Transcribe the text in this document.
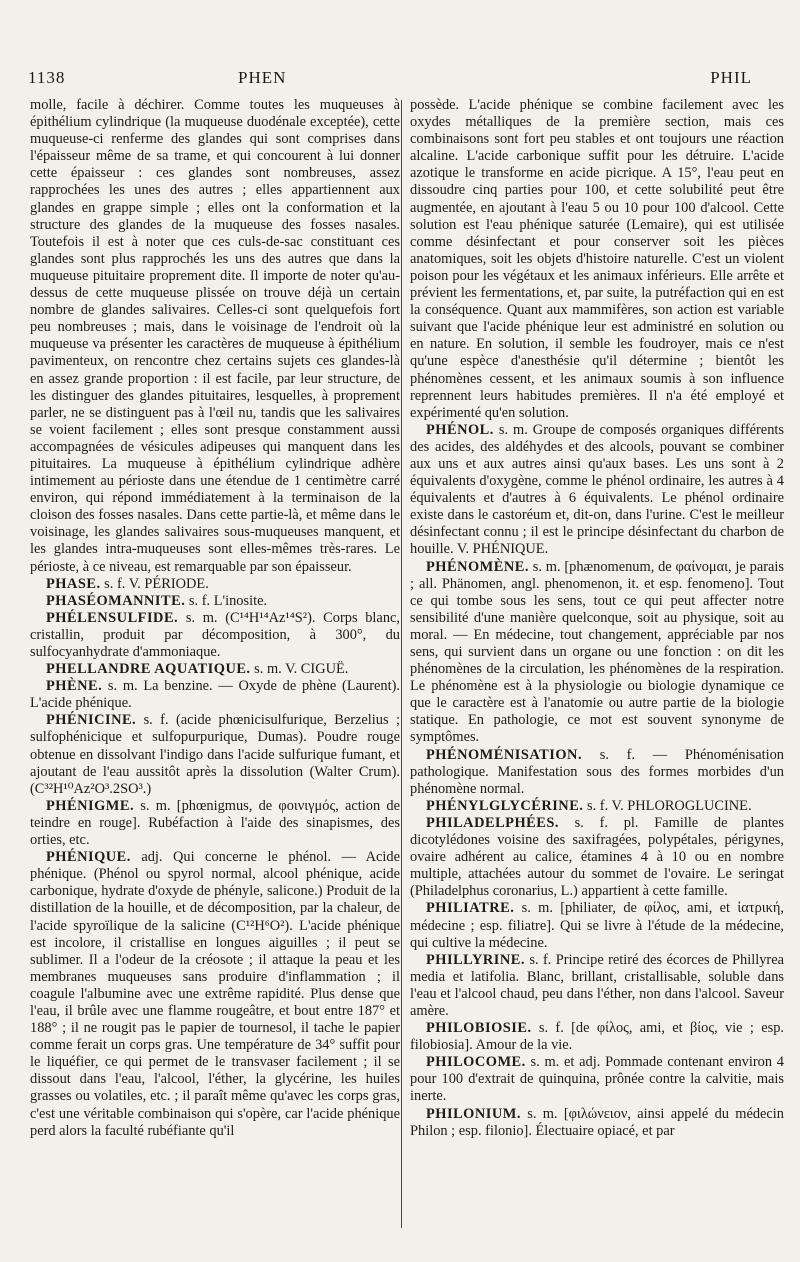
1138	PHEN	PHIL

molle, facile à déchirer. Comme toutes les muqueuses à épithélium cylindrique (la muqueuse duodénale exceptée), cette muqueuse-ci renferme des glandes qui sont comprises dans l'épaisseur même de sa trame, et qui concourent à lui donner cette épaisseur : ces glandes sont nombreuses, assez rapprochées les unes des autres ; elles appartiennent aux glandes en grappe simple ; elles ont la conformation et la structure des glandes de la muqueuse des fosses nasales. Toutefois il est à noter que ces culs-de-sac constituant ces glandes sont plus rapprochés les uns des autres que dans la muqueuse pituitaire proprement dite. Il importe de noter qu'au-dessus de cette muqueuse plissée on trouve déjà un certain nombre de glandes salivaires. Celles-ci sont quelquefois fort peu nombreuses ; mais, dans le voisinage de l'endroit où la muqueuse va présenter les caractères de muqueuse à épithélium pavimenteux, on rencontre chez certains sujets ces glandes-là en assez grande proportion : il est facile, par leur structure, de les distinguer des glandes pituitaires, lesquelles, à proprement parler, ne se distinguent pas à l'œil nu, tandis que les salivaires se voient facilement ; elles sont presque constamment aussi accompagnées de vésicules adipeuses qui manquent dans les pituitaires. La muqueuse à épithélium cylindrique adhère intimement au périoste dans une étendue de 1 centimètre carré environ, qui répond immédiatement à la terminaison de la cloison des fosses nasales. Dans cette partie-là, et même dans le voisinage, les glandes salivaires sous-muqueuses manquent, et les glandes intra-muqueuses sont elles-mêmes très-rares. Le périoste, à ce niveau, est remarquable par son épaisseur.

PHASE. s. f. V. PÉRIODE.

PHASÉOMANNITE. s. f. L'inosite.

PHÉLENSULFIDE. s. m. (C¹⁴H¹⁴Az¹⁴S²). Corps blanc, cristallin, produit par décomposition, à 300°, du sulfocyanhydrate d'ammoniaque.

PHELLANDRE AQUATIQUE. s. m. V. CIGUË.

PHÈNE. s. m. La benzine. — Oxyde de phène (Laurent). L'acide phénique.

PHÉNICINE. s. f. (acide phœnicisulfurique, Berzelius ; sulfophénicique et sulfopurpurique, Dumas). Poudre rouge obtenue en dissolvant l'indigo dans l'acide sulfurique fumant, et ajoutant de l'eau aussitôt après la dissolution (Walter Crum). (C³²H¹⁰Az²O³.2SO³.)

PHÉNIGME. s. m. [phœnigmus, de φοινιγμός, action de teindre en rouge]. Rubéfaction à l'aide des sinapismes, des orties, etc.

PHÉNIQUE. adj. Qui concerne le phénol. — Acide phénique. (Phénol ou spyrol normal, alcool phénique, acide carbonique, hydrate d'oxyde de phényle, salicone.) Produit de la distillation de la houille, et de décomposition, par la chaleur, de l'acide spyroïlique de la salicine (C¹²H⁶O²). L'acide phénique est incolore, il cristallise en longues aiguilles ; il peut se sublimer. Il a l'odeur de la créosote ; il attaque la peau et les membranes muqueuses sans produire d'inflammation ; il coagule l'albumine avec une extrême rapidité. Plus dense que l'eau, il brûle avec une flamme rougeâtre, et bout entre 187° et 188° ; il ne rougit pas le papier de tournesol, il tache le papier comme ferait un corps gras. Une température de 34° suffit pour le liquéfier, ce qui permet de le transvaser facilement ; il se dissout dans l'eau, l'alcool, l'éther, la glycérine, les huiles grasses ou volatiles, etc. ; il paraît même qu'avec les corps gras, c'est une véritable combinaison qui s'opère, car l'acide phénique perd alors la faculté rubéfiante qu'il

possède. L'acide phénique se combine facilement avec les oxydes métalliques de la première section, mais ces combinaisons sont fort peu stables et ont toujours une réaction alcaline. L'acide carbonique suffit pour les détruire. L'acide azotique le transforme en acide picrique. A 15°, l'eau peut en dissoudre cinq parties pour 100, et cette solubilité peut être augmentée, en ajoutant à l'eau 5 ou 10 pour 100 d'alcool. Cette solution est l'eau phénique saturée (Lemaire), qui est utilisée comme désinfectant et pour conserver soit les pièces anatomiques, soit les objets d'histoire naturelle. C'est un violent poison pour les végétaux et les animaux inférieurs. Elle arrête et prévient les fermentations, et, par suite, la putréfaction qui en est la conséquence. Quant aux mammifères, son action est variable suivant que l'acide phénique leur est administré en solution ou en nature. En solution, il semble les foudroyer, mais ce n'est qu'une espèce d'anesthésie qu'il détermine ; bientôt les phénomènes cessent, et les animaux soumis à son influence reprennent leurs habitudes premières. Il n'a été employé et expérimenté qu'en solution.

PHÉNOL. s. m. Groupe de composés organiques différents des acides, des aldéhydes et des alcools, pouvant se combiner aux uns et aux autres ainsi qu'aux bases. Les uns sont à 2 équivalents d'oxygène, comme le phénol ordinaire, les autres à 4 équivalents et d'autres à 6 équivalents. Le phénol ordinaire existe dans le castoréum et, dit-on, dans l'urine. C'est le meilleur désinfectant connu ; il est le principe désinfectant du charbon de houille. V. PHÉNIQUE.

PHÉNOMÈNE. s. m. [phænomenum, de φαίνομαι, je parais ; all. Phänomen, angl. phenomenon, it. et esp. fenomeno]. Tout ce qui tombe sous les sens, tout ce qui peut affecter notre sensibilité d'une manière quelconque, soit au physique, soit au moral. — En médecine, tout changement, appréciable par nos sens, qui survient dans un organe ou une fonction : on dit les phénomènes de la circulation, les phénomènes de la respiration. Le phénomène est à la physiologie ou biologie dynamique ce que le caractère est à l'anatomie ou autre partie de la biologie statique. En pathologie, ce mot est souvent synonyme de symptômes.

PHÉNOMÉNISATION. s. f. — Phénoménisation pathologique. Manifestation sous des formes morbides d'un phénomène normal.

PHÉNYLGLYCÉRINE. s. f. V. PHLOROGLUCINE.

PHILADELPHÉES. s. f. pl. Famille de plantes dicotylédones voisine des saxifragées, polypétales, périgynes, ovaire adhérent au calice, étamines 4 à 10 ou en nombre multiple, attachées autour du sommet de l'ovaire. Le seringat (Philadelphus coronarius, L.) appartient à cette famille.

PHILIATRE. s. m. [philiater, de φίλος, ami, et ἰατρική, médecine ; esp. filiatre]. Qui se livre à l'étude de la médecine, qui cultive la médecine.

PHILLYRINE. s. f. Principe retiré des écorces de Phillyrea media et latifolia. Blanc, brillant, cristallisable, soluble dans l'eau et l'alcool chaud, peu dans l'éther, non dans l'alcool. Saveur amère.

PHILOBIOSIE. s. f. [de φίλος, ami, et βίος, vie ; esp. filobiosia]. Amour de la vie.

PHILOCOME. s. m. et adj. Pommade contenant environ 4 pour 100 d'extrait de quinquina, prônée contre la calvitie, mais inerte.

PHILONIUM. s. m. [φιλώνειον, ainsi appelé du médecin Philon ; esp. filonio]. Électuaire opiacé, et par
